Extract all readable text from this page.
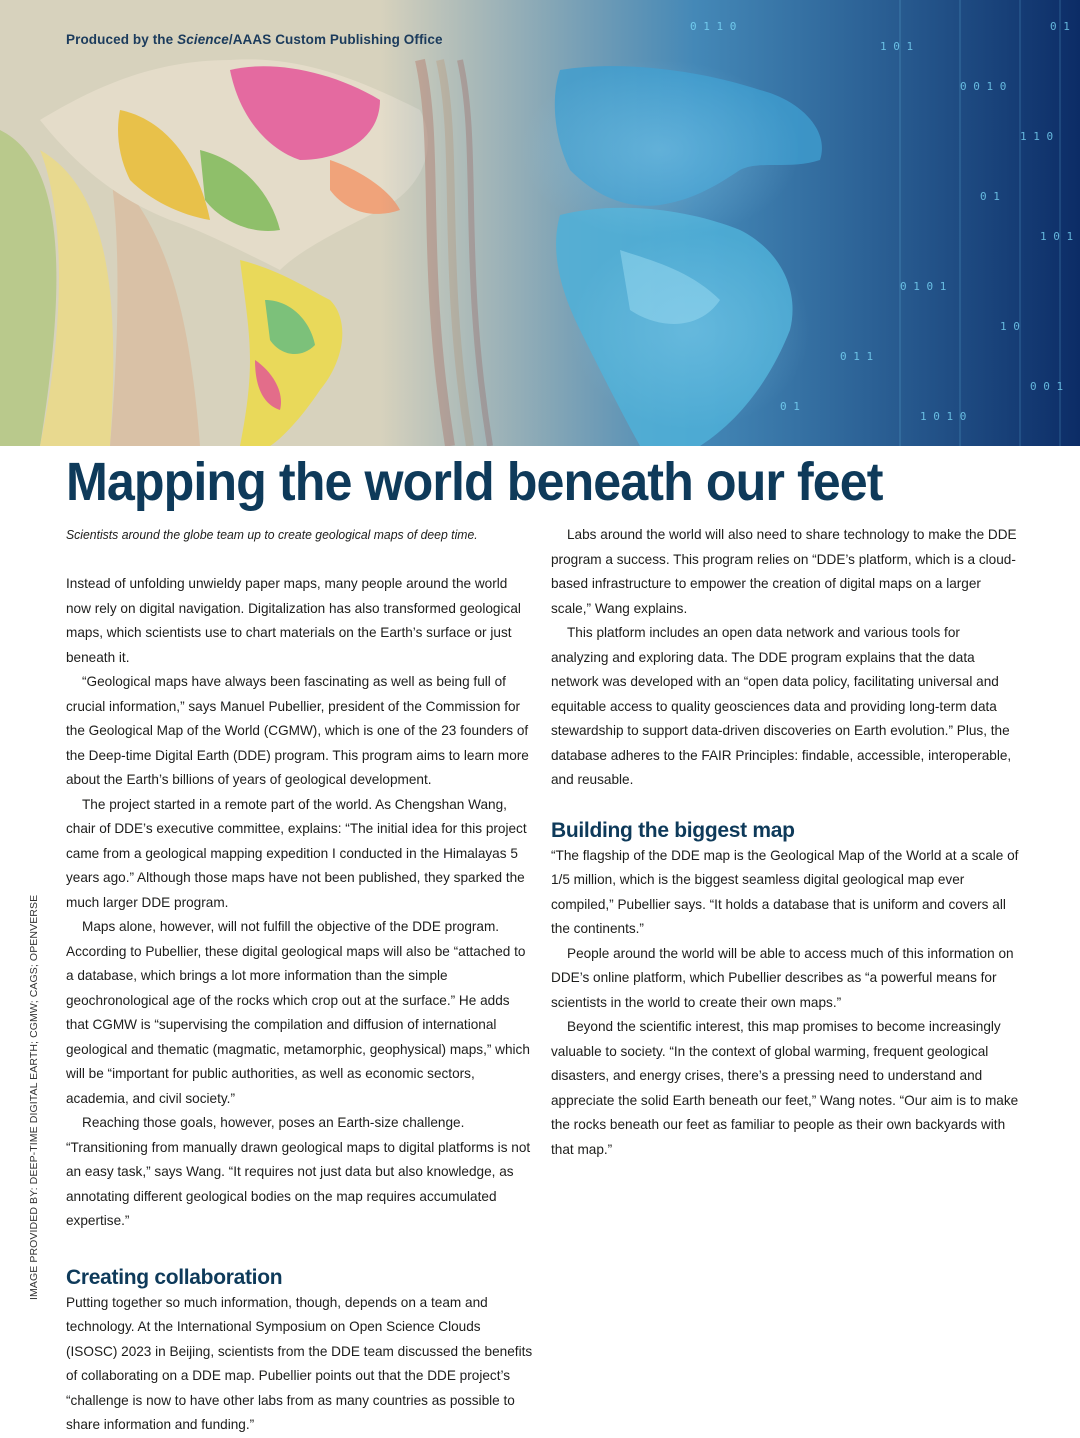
0 1 1 0
1 0 1
0 0 1 0
1 1 0
0 1
1 0 1
0 1 0 1
1 0
0 1 1
0 0 1
1 0 1 0
0 1
0 1
Produced by the Science/AAAS Custom Publishing Office
Mapping the world beneath our feet
Scientists around the globe team up to create geological maps of deep time.

Instead of unfolding unwieldy paper maps, many people around the world now rely on digital navigation. Digitalization has also transformed geological maps, which scientists use to chart materials on the Earth’s surface or just beneath it.

“Geological maps have always been fascinating as well as being full of crucial information,” says Manuel Pubellier, president of the Commission for the Geological Map of the World (CGMW), which is one of the 23 founders of the Deep-time Digital Earth (DDE) program. This program aims to learn more about the Earth’s billions of years of geological development.

The project started in a remote part of the world. As Chengshan Wang, chair of DDE’s executive committee, explains: “The initial idea for this project came from a geological mapping expedition I conducted in the Himalayas 5 years ago.” Although those maps have not been published, they sparked the much larger DDE program.

Maps alone, however, will not fulfill the objective of the DDE program. According to Pubellier, these digital geological maps will also be “attached to a database, which brings a lot more information than the simple geochronological age of the rocks which crop out at the surface.” He adds that CGMW is “supervising the compilation and diffusion of international geological and thematic (magmatic, metamorphic, geophysical) maps,” which will be “important for public authorities, as well as economic sectors, academia, and civil society.”

Reaching those goals, however, poses an Earth-size challenge. “Transitioning from manually drawn geological maps to digital platforms is not an easy task,” says Wang. “It requires not just data but also knowledge, as annotating different geological bodies on the map requires accumulated expertise.”

Creating collaboration

Putting together so much information, though, depends on a team and technology. At the International Symposium on Open Science Clouds (ISOSC) 2023 in Beijing, scientists from the DDE team discussed the benefits of collaborating on a DDE map. Pubellier points out that the DDE project’s “challenge is now to have other labs from as many countries as possible to share information and funding.”

Labs around the world will also need to share technology to make the DDE program a success. This program relies on “DDE’s platform, which is a cloud-based infrastructure to empower the creation of digital maps on a larger scale,” Wang explains.

This platform includes an open data network and various tools for analyzing and exploring data. The DDE program explains that the data network was developed with an “open data policy, facilitating universal and equitable access to quality geosciences data and providing long-term data stewardship to support data-driven discoveries on Earth evolution.” Plus, the database adheres to the FAIR Principles: findable, accessible, interoperable, and reusable.

Building the biggest map

“The flagship of the DDE map is the Geological Map of the World at a scale of 1/5 million, which is the biggest seamless digital geological map ever compiled,” Pubellier says. “It holds a database that is uniform and covers all the continents.”

People around the world will be able to access much of this information on DDE’s online platform, which Pubellier describes as “a powerful means for scientists in the world to create their own maps.”

Beyond the scientific interest, this map promises to become increasingly valuable to society. “In the context of global warming, frequent geological disasters, and energy crises, there’s a pressing need to understand and appreciate the solid Earth beneath our feet,” Wang notes. “Our aim is to make the rocks beneath our feet as familiar to people as their own backyards with that map.”

IMAGE PROVIDED BY: DEEP-TIME DIGITAL EARTH; CGMW; CAGS; OPENVERSE
